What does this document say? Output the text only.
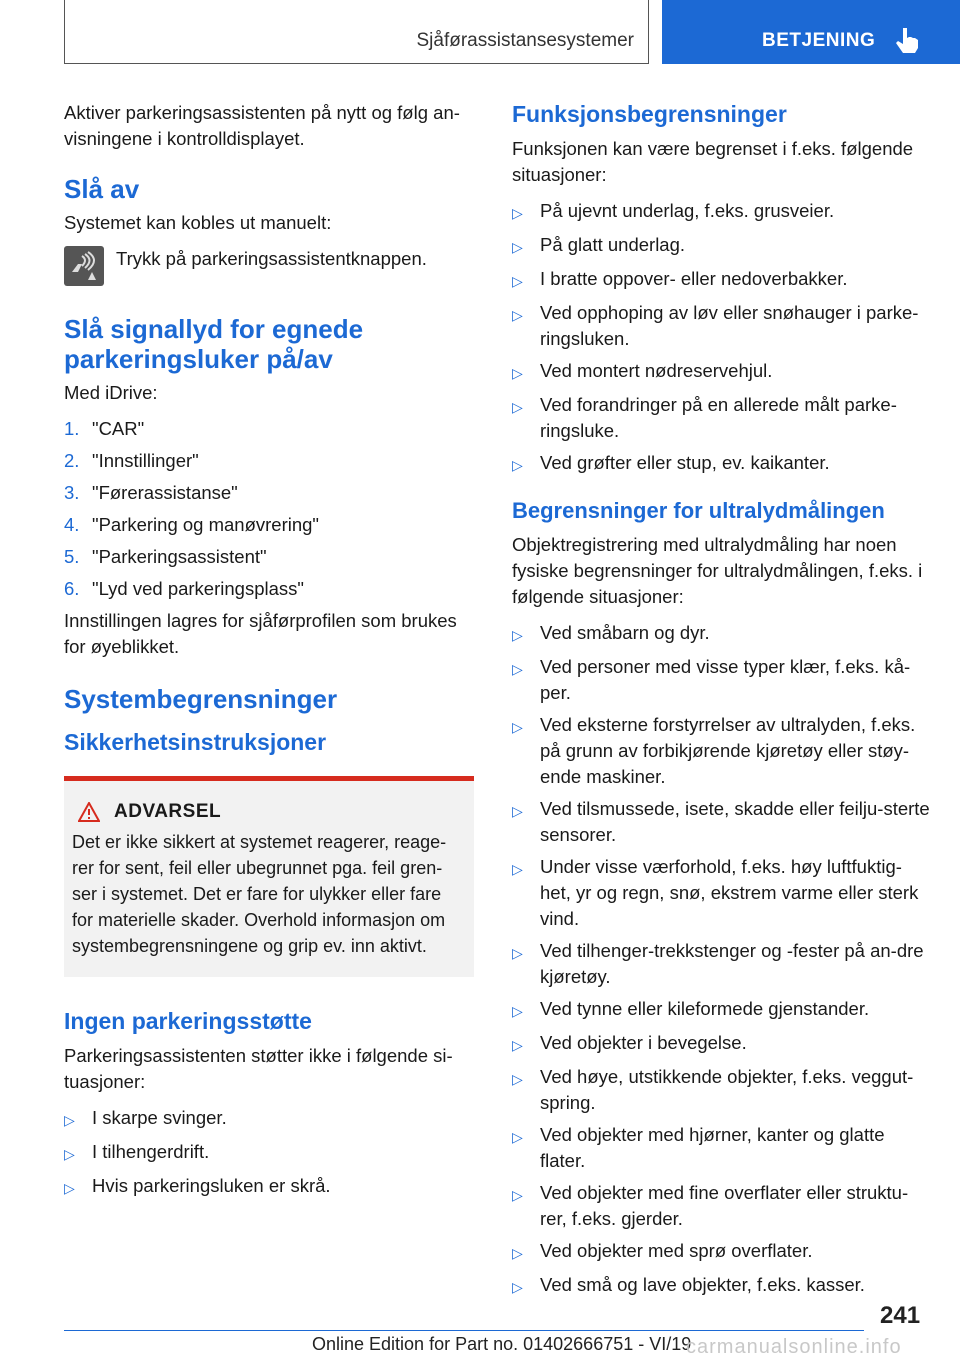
Sjåførassistansesystemer	BETJENING

Aktiver parkeringsassistenten på nytt og følg an-visningene i kontrolldisplayet.

Slå av

Systemet kan kobles ut manuelt:

Trykk på parkeringsassistentknappen.
Slå signallyd for egnede parkeringsluker på/av

Med iDrive:

1. "CAR"
2. "Innstillinger"
3. "Førerassistanse"
4. "Parkering og manøvrering"
5. "Parkeringsassistent"
6. "Lyd ved parkeringsplass"

Innstillingen lagres for sjåførprofilen som brukes for øyeblikket.

Systembegrensninger
Sikkerhetsinstruksjoner
ADVARSEL
Det er ikke sikkert at systemet reagerer, reage-rer for sent, feil eller ubegrunnet pga. feil gren-ser i systemet. Det er fare for ulykker eller fare for materielle skader. Overhold informasjon om systembegrensningene og grip ev. inn aktivt.
Ingen parkeringsstøtte

Parkeringsassistenten støtter ikke i følgende si-tuasjoner:

▷ I skarpe svinger.
▷ I tilhengerdrift.
▷ Hvis parkeringsluken er skrå.
Funksjonsbegrensninger

Funksjonen kan være begrenset i f.eks. følgende situasjoner:

▷ På ujevnt underlag, f.eks. grusveier.
▷ På glatt underlag.
▷ I bratte oppover- eller nedoverbakker.
▷ Ved opphoping av løv eller snøhauger i parke-ringsluken.
▷ Ved montert nødreservehjul.
▷ Ved forandringer på en allerede målt parke-ringsluke.
▷ Ved grøfter eller stup, ev. kaikanter.
Begrensninger for ultralydmålingen

Objektregistrering med ultralydmåling har noen fysiske begrensninger for ultralydmålingen, f.eks. i følgende situasjoner:

▷ Ved småbarn og dyr.
▷ Ved personer med visse typer klær, f.eks. kå-per.
▷ Ved eksterne forstyrrelser av ultralyden, f.eks. på grunn av forbikjørende kjøretøy eller støy-ende maskiner.
▷ Ved tilsmussede, isete, skadde eller feilju-sterte sensorer.
▷ Under visse værforhold, f.eks. høy luftfuktig-het, yr og regn, snø, ekstrem varme eller sterk vind.
▷ Ved tilhenger-trekkstenger og -fester på an-dre kjøretøy.
▷ Ved tynne eller kileformede gjenstander.
▷ Ved objekter i bevegelse.
▷ Ved høye, utstikkende objekter, f.eks. veggut-spring.
▷ Ved objekter med hjørner, kanter og glatte flater.
▷ Ved objekter med fine overflater eller struktu-rer, f.eks. gjerder.
▷ Ved objekter med sprø overflater.
▷ Ved små og lave objekter, f.eks. kasser.
241
Online Edition for Part no. 01402666751 - VI/19
carmanualsonline.info
